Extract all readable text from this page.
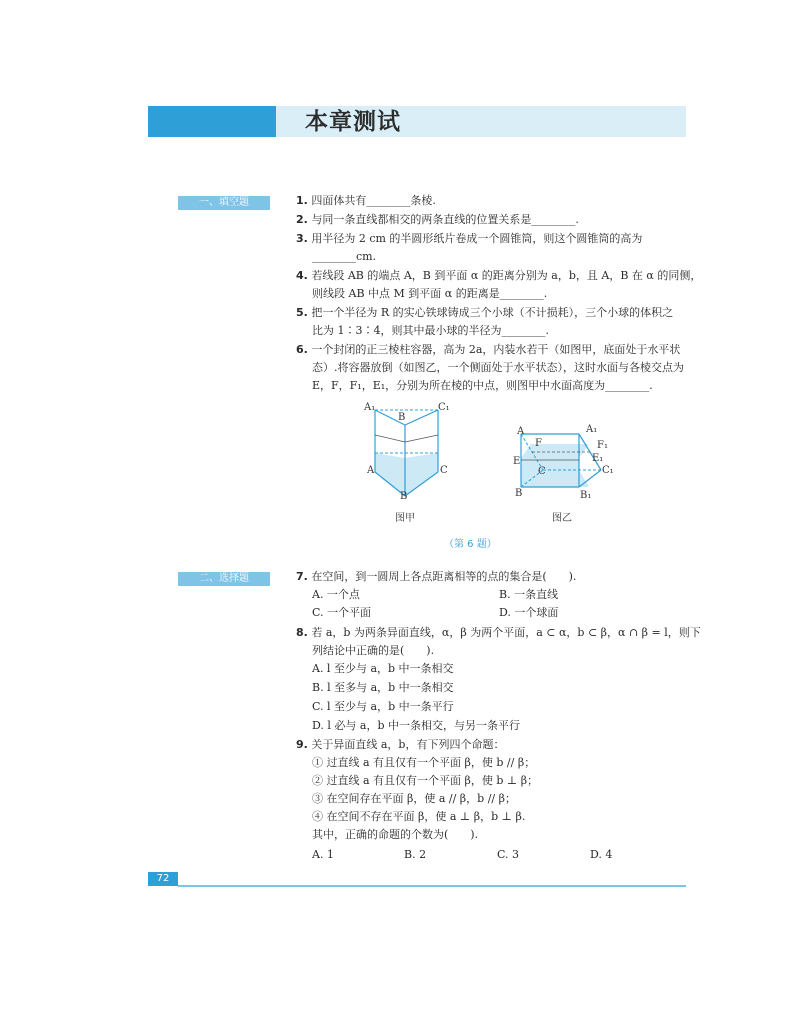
本章测试
一、填空题	1. 四面体共有________条棱.
2. 与同一条直线都相交的两条直线的位置关系是________.
3. 用半径为 2 cm 的半圆形纸片卷成一个圆锥筒，则这个圆锥筒的高为
________cm.
4. 若线段 AB 的端点 A，B 到平面 α 的距离分别为 a，b，且 A，B 在 α 的同侧，
则线段 AB 中点 M 到平面 α 的距离是________.
5. 把一个半径为 R 的实心铁球铸成三个小球（不计损耗），三个小球的体积之
比为 1∶3∶4，则其中最小球的半径为________.
6. 一个封闭的正三棱柱容器，高为 2a，内装水若干（如图甲，底面处于水平状
态）.将容器放倒（如图乙，一个侧面处于水平状态），这时水面与各棱交点为
E，F，F₁，E₁，分别为所在棱的中点，则图甲中水面高度为________.
A₁
B
C₁
A	C
B
图甲
A	A₁
F	F₁
E	E₁
C	C₁
B	B₁
图乙
（第 6 题）
二、选择题	7. 在空间，到一圆周上各点距离相等的点的集合是(　　).
A. 一个点	B. 一条直线
C. 一个平面	D. 一个球面
8. 若 a，b 为两条异面直线，α，β 为两个平面，a ⊂ α，b ⊂ β，α ∩ β = l，则下
列结论中正确的是(　　).
A. l 至少与 a，b 中一条相交
B. l 至多与 a，b 中一条相交
C. l 至少与 a，b 中一条平行
D. l 必与 a，b 中一条相交，与另一条平行
9. 关于异面直线 a，b，有下列四个命题：
① 过直线 a 有且仅有一个平面 β，使 b // β；
② 过直线 a 有且仅有一个平面 β，使 b ⊥ β；
③ 在空间存在平面 β，使 a // β，b // β；
④ 在空间不存在平面 β，使 a ⊥ β，b ⊥ β.
其中，正确的命题的个数为(　　).
A. 1	B. 2	C. 3	D. 4
72
